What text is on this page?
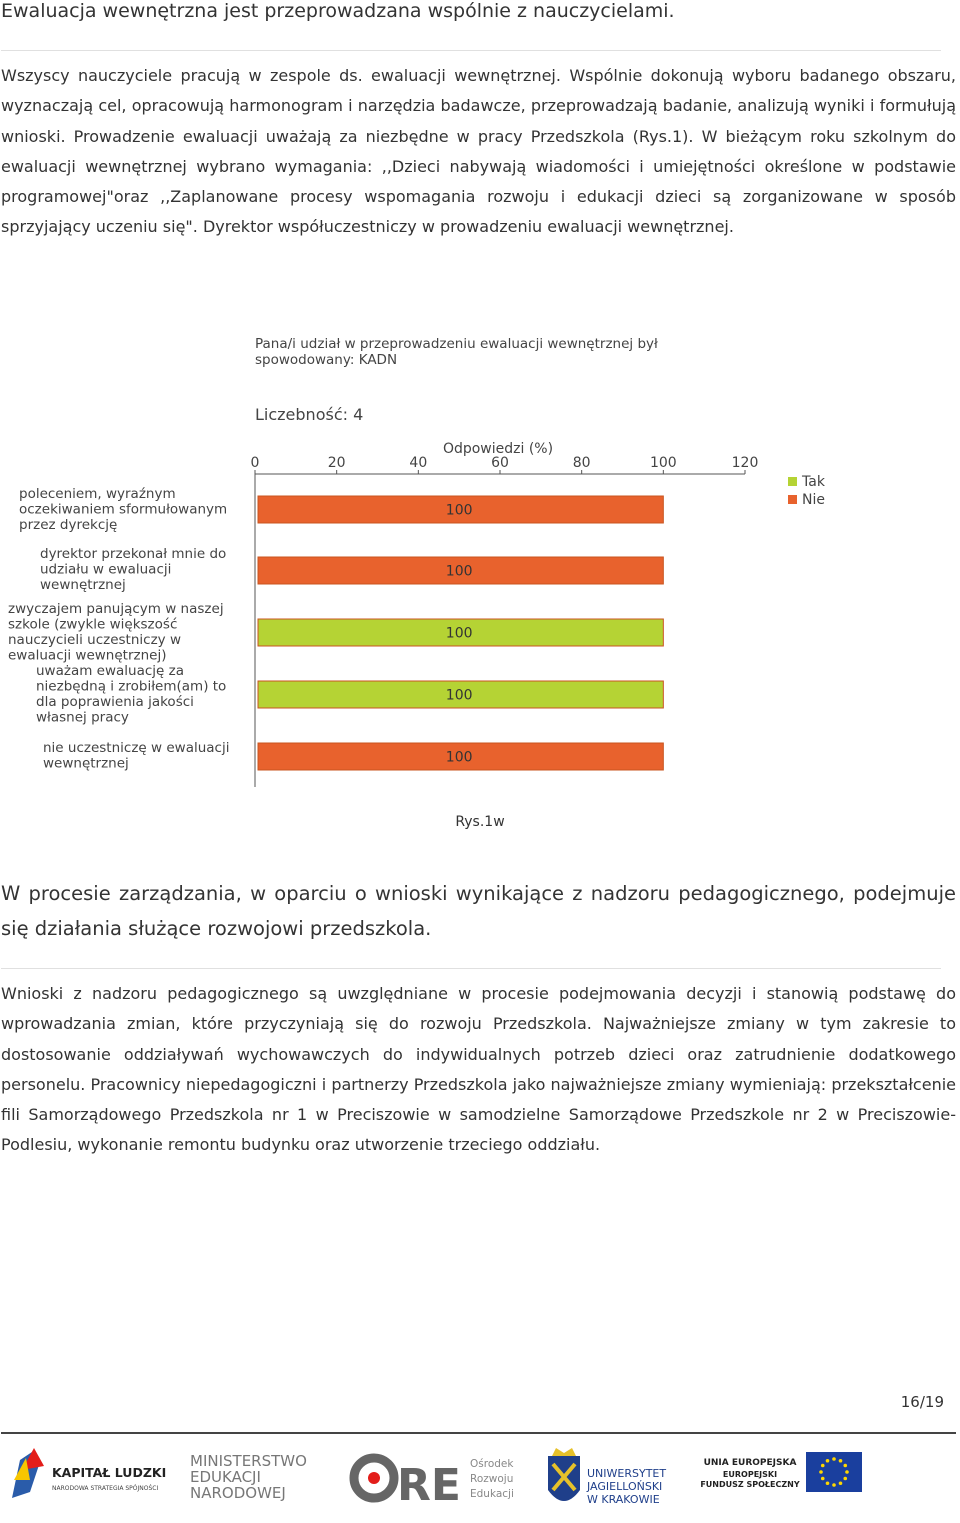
Ewaluacja wewnętrzna jest przeprowadzana wspólnie z nauczycielami.
Wszyscy nauczyciele pracują w zespole ds. ewaluacji wewnętrznej. Wspólnie dokonują wyboru badanego obszaru, wyznaczają cel, opracowują harmonogram i narzędzia badawcze, przeprowadzają badanie, analizują wyniki i formułują wnioski. Prowadzenie ewaluacji uważają za niezbędne w pracy Przedszkola (Rys.1). W bieżącym roku szkolnym do ewaluacji wewnętrznej wybrano wymagania: ,,Dzieci nabywają wiadomości i umiejętności określone w podstawie programowej"oraz ,,Zaplanowane procesy wspomagania rozwoju i edukacji dzieci są zorganizowane w sposób sprzyjający uczeniu się". Dyrektor współuczestniczy w prowadzeniu ewaluacji wewnętrznej.
Pana/i udział w przeprowadzeniu ewaluacji wewnętrznej był
spowodowany: KADN
Liczebność: 4
Odpowiedzi (%)
0	20	40	60	80	100	120
poleceniem, wyraźnym oczekiwaniem sformułowanym przez dyrekcję
dyrektor przekonał mnie do udziału w ewaluacji wewnętrznej
zwyczajem panującym w naszej szkole (zwykle większość nauczycieli uczestniczy w ewaluacji wewnętrznej)
uważam ewaluację za niezbędną i zrobiłem(am) to dla poprawienia jakości własnej pracy
nie uczestniczę w ewaluacji wewnętrznej
100
100
100
100
100
Tak
Nie
Rys.1w
W procesie zarządzania, w oparciu o wnioski wynikające z nadzoru pedagogicznego, podejmuje się działania służące rozwojowi przedszkola.
Wnioski z nadzoru pedagogicznego są uwzględniane w procesie podejmowania decyzji i stanowią podstawę do wprowadzania zmian, które przyczyniają się do rozwoju Przedszkola. Najważniejsze zmiany w tym zakresie to dostosowanie oddziaływań wychowawczych do indywidualnych potrzeb dzieci oraz zatrudnienie dodatkowego personelu. Pracownicy niepedagogiczni i partnerzy Przedszkola jako najważniejsze zmiany wymieniają: przekształcenie fili Samorządowego Przedszkola nr 1 w Preciszowie w samodzielne Samorządowe Przedszkole nr 2 w Preciszowie-Podlesiu, wykonanie remontu budynku oraz utworzenie trzeciego oddziału.
16/19
KAPITAŁ LUDZKI
NARODOWA STRATEGIA SPÓJNOŚCI
MINISTERSTWO
EDUKACJI
NARODOWEJ	RE Ośrodek
Rozwoju
Edukacji
UNIWERSYTET
JAGIELLOŃSKI
W KRAKOWIE
UNIA EUROPEJSKA
EUROPEJSKI
FUNDUSZ SPOŁECZNY
